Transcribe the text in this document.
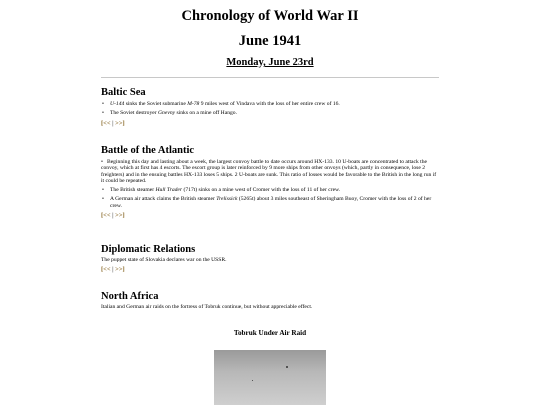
Chronology of World War II
June 1941
Monday, June 23rd
Baltic Sea
• U-144 sinks the Soviet submarine M-78 9 miles west of Vindava with the loss of her entire crew of 16.
• The Soviet destroyer Gnevny sinks on a mine off Hango.
[<< | >>]
Battle of the Atlantic
• Beginning this day and lasting about a week, the largest convoy battle to date occurs around HX-133. 10 U-boats are concentrated to attack the convoy, which at first has 4 escorts. The escort group is later reinforced by 9 more ships from other onvoys (which, partly in consequence, lose 2 freighters) and in the ensuing battles HX-133 loses 5 ships. 2 U-boats are sunk. This ratio of losses would be favorable to the British in the long run if it could be repeated.
• The British steamer Hull Trader (717t) sinks on a mine west of Cromer with the loss of 11 of her crew.
• A German air attack claims the British steamer Trelissick (5265t) about 3 miles southeast of Sheringham Buoy, Cromer with the loss of 2 of her crew.
[<< | >>]
Diplomatic Relations
The puppet state of Slovakia declares war on the USSR.
[<< | >>]
North Africa
Italian and German air raids on the fortress of Tobruk continue, but without appreciable effect.
Tobruk Under Air Raid
